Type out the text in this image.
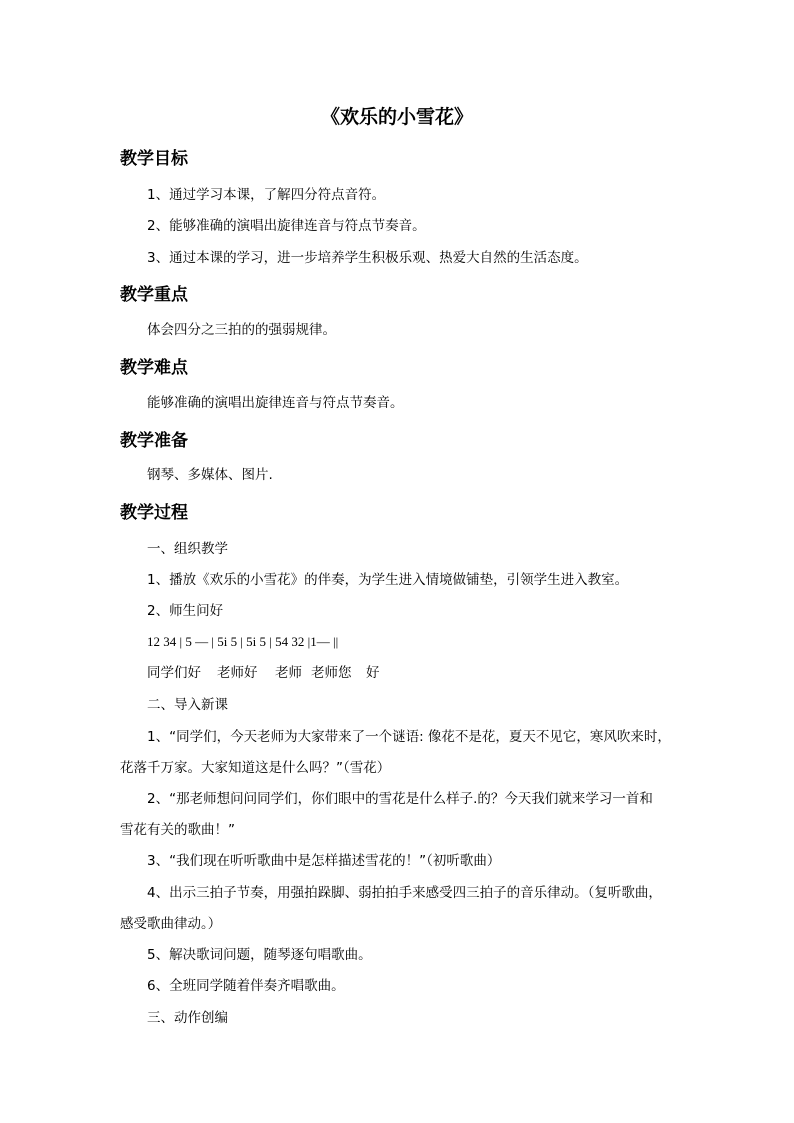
《欢乐的小雪花》
教学目标
1、通过学习本课，了解四分符点音符。
2、能够准确的演唱出旋律连音与符点节奏音。
3、通过本课的学习，进一步培养学生积极乐观、热爱大自然的生活态度。
教学重点
体会四分之三拍的的强弱规律。
教学难点
能够准确的演唱出旋律连音与符点节奏音。
教学准备
钢琴、多媒体、图片.
教学过程
一、组织教学
1、播放《欢乐的小雪花》的伴奏，为学生进入情境做铺垫，引领学生进入教室。
2、师生问好
12 34 | 5 — | 5i 5 | 5i 5 | 54 32 |1— ||
同学们好 老师好 老师 老师您 好
二、导入新课
1、“同学们，今天老师为大家带来了一个谜语: 像花不是花，夏天不见它，寒风吹来时，
花落千万家。大家知道这是什么吗？”（雪花）
2、“那老师想问问同学们，你们眼中的雪花是什么样子.的？今天我们就来学习一首和
雪花有关的歌曲！”
3、“我们现在听听歌曲中是怎样描述雪花的！”（初听歌曲）
4、出示三拍子节奏，用强拍跺脚、弱拍拍手来感受四三拍子的音乐律动。（复听歌曲，
感受歌曲律动。）
5、解决歌词问题，随琴逐句唱歌曲。
6、全班同学随着伴奏齐唱歌曲。
三、动作创编
